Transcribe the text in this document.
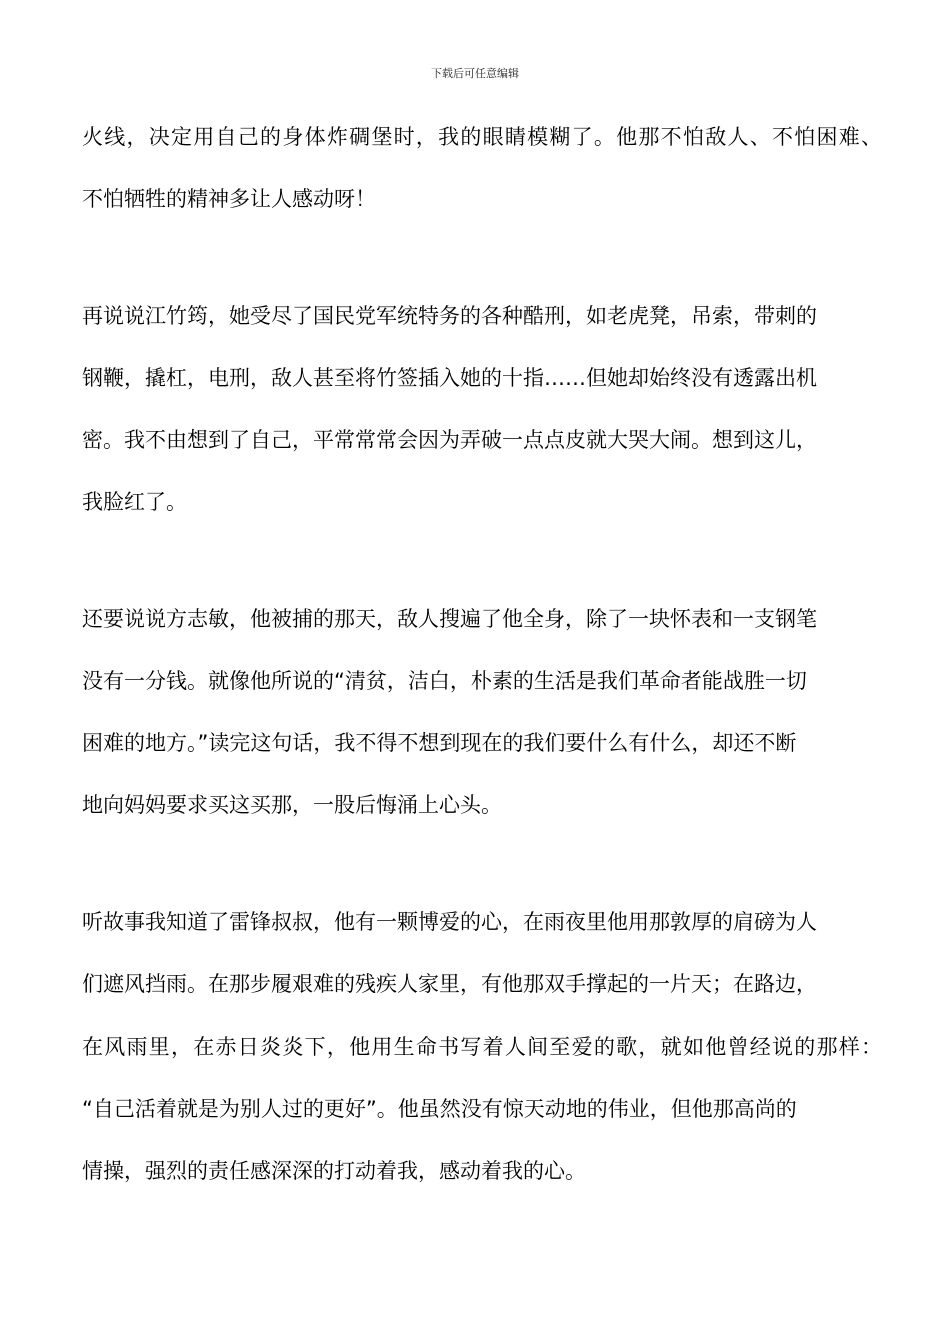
下载后可任意编辑
火线，决定用自己的身体炸碉堡时，我的眼睛模糊了。他那不怕敌人、不怕困难、
不怕牺牲的精神多让人感动呀！
再说说江竹筠，她受尽了国民党军统特务的各种酷刑，如老虎凳，吊索，带刺的
钢鞭，撬杠，电刑，敌人甚至将竹签插入她的十指……但她却始终没有透露出机
密。我不由想到了自己，平常常常会因为弄破一点点皮就大哭大闹。想到这儿，
我脸红了。
还要说说方志敏，他被捕的那天，敌人搜遍了他全身，除了一块怀表和一支钢笔
没有一分钱。就像他所说的“清贫，洁白，朴素的生活是我们革命者能战胜一切
困难的地方。”读完这句话，我不得不想到现在的我们要什么有什么，却还不断
地向妈妈要求买这买那，一股后悔涌上心头。
听故事我知道了雷锋叔叔，他有一颗博爱的心，在雨夜里他用那敦厚的肩磅为人
们遮风挡雨。在那步履艰难的残疾人家里，有他那双手撑起的一片天；在路边，
在风雨里，在赤日炎炎下，他用生命书写着人间至爱的歌，就如他曾经说的那样：
“自己活着就是为别人过的更好”。他虽然没有惊天动地的伟业，但他那高尚的
情操，强烈的责任感深深的打动着我，感动着我的心。
